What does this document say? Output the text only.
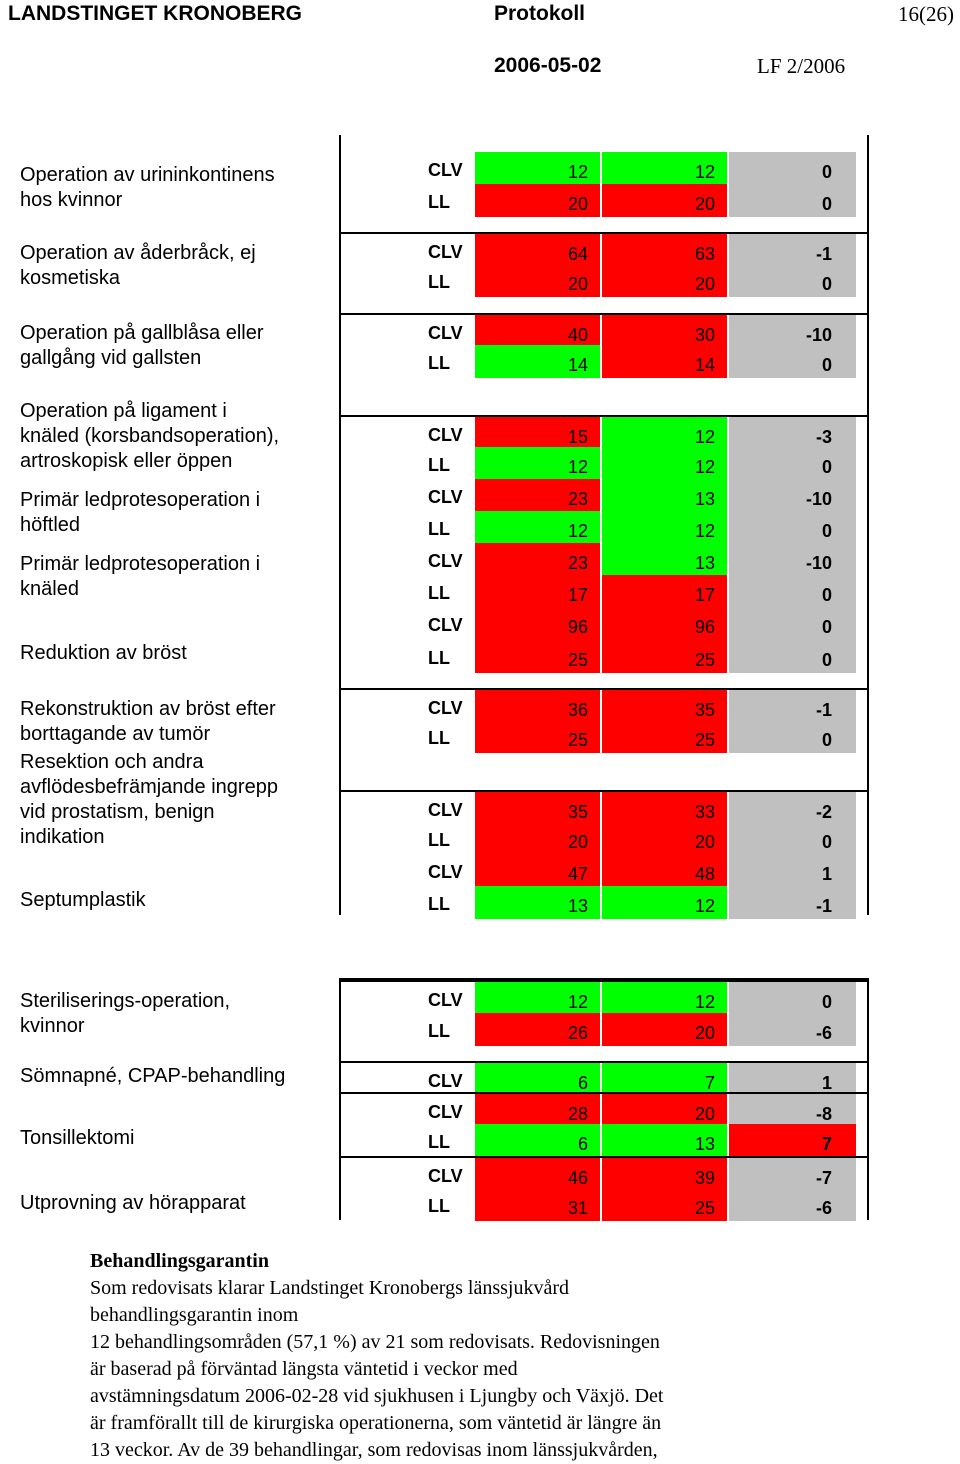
LANDSTINGET KRONOBERG	Protokoll	16(26)
2006-05-02	LF 2/2006
Operation av urininkontinens
hos kvinnor
CLV	12	12	0
LL	20	20	0
Operation av åderbråck, ej
kosmetiska
CLV	64	63	-1
LL	20	20	0
Operation på gallblåsa eller
gallgång vid gallsten
CLV	40	30	-10
LL	14	14	0
Operation på ligament i
knäled (korsbandsoperation),
artroskopisk eller öppen
CLV	15	12	-3
LL	12	12	0
Primär ledprotesoperation i
höftled
CLV	23	13	-10
LL	12	12	0
Primär ledprotesoperation i
knäled
CLV	23	13	-10
LL	17	17	0
Reduktion av bröst
CLV	96	96	0
LL	25	25	0
Rekonstruktion av bröst efter
borttagande av tumör
CLV	36	35	-1
LL	25	25	0
Resektion och andra
avflödesbefrämjande ingrepp
vid prostatism, benign
indikation
CLV	35	33	-2
LL	20	20	0
Septumplastik
CLV	47	48	1
LL	13	12	-1
Steriliserings-operation,
kvinnor
CLV	12	12	0
LL	26	20	-6
Sömnapné, CPAP-behandling	CLV	6	7	1
Tonsillektomi
CLV	28	20	-8
LL	6	13	7
Utprovning av hörapparat
CLV	46	39	-7
LL	31	25	-6
Behandlingsgarantin
Som redovisats klarar Landstinget Kronobergs länssjukvård
behandlingsgarantin inom
12 behandlingsområden (57,1 %) av 21 som redovisats. Redovisningen
är baserad på förväntad längsta väntetid i veckor med
avstämningsdatum 2006-02-28 vid sjukhusen i Ljungby och Växjö. Det
är framförallt till de kirurgiska operationerna, som väntetid är längre än
13 veckor. Av de 39 behandlingar, som redovisas inom länssjukvården,
